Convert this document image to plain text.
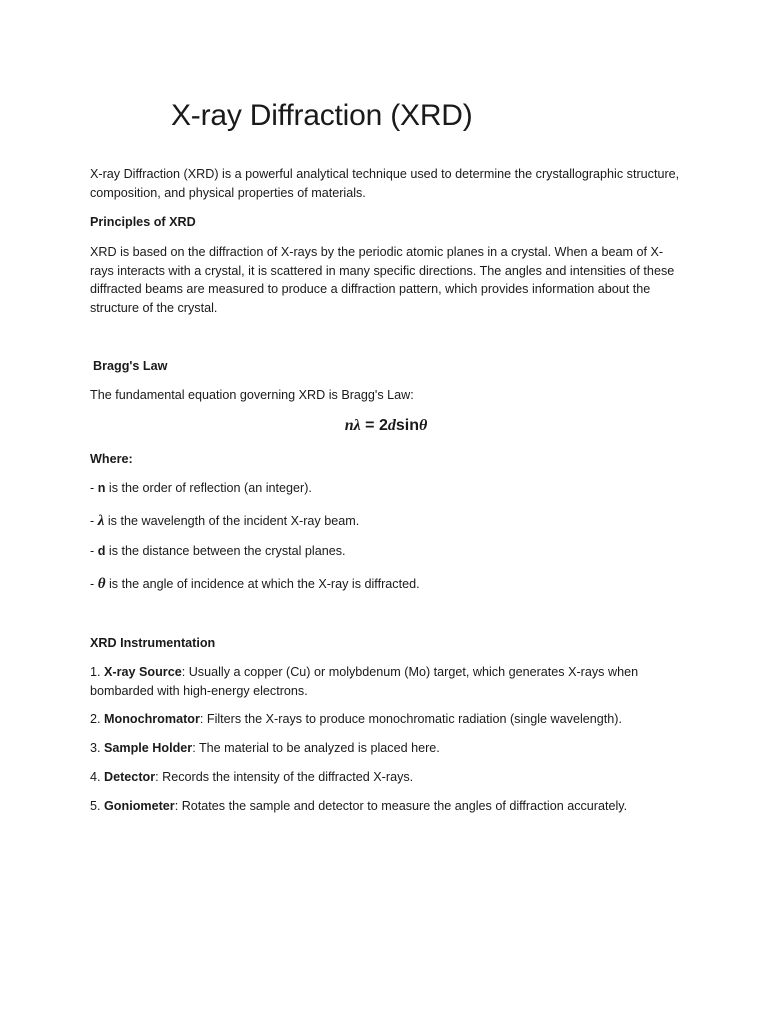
X-ray Diffraction (XRD)

X-ray Diffraction (XRD) is a powerful analytical technique used to determine the crystallographic structure, composition, and physical properties of materials.

Principles of XRD

XRD is based on the diffraction of X-rays by the periodic atomic planes in a crystal. When a beam of X-rays interacts with a crystal, it is scattered in many specific directions. The angles and intensities of these diffracted beams are measured to produce a diffraction pattern, which provides information about the structure of the crystal.

Bragg's Law

The fundamental equation governing XRD is Bragg's Law:

nλ = 2dsinθ

Where:

- n is the order of reflection (an integer).

- λ is the wavelength of the incident X-ray beam.

- d is the distance between the crystal planes.

- θ is the angle of incidence at which the X-ray is diffracted.

XRD Instrumentation

1. X-ray Source: Usually a copper (Cu) or molybdenum (Mo) target, which generates X-rays when bombarded with high-energy electrons.

2. Monochromator: Filters the X-rays to produce monochromatic radiation (single wavelength).

3. Sample Holder: The material to be analyzed is placed here.

4. Detector: Records the intensity of the diffracted X-rays.

5. Goniometer: Rotates the sample and detector to measure the angles of diffraction accurately.
